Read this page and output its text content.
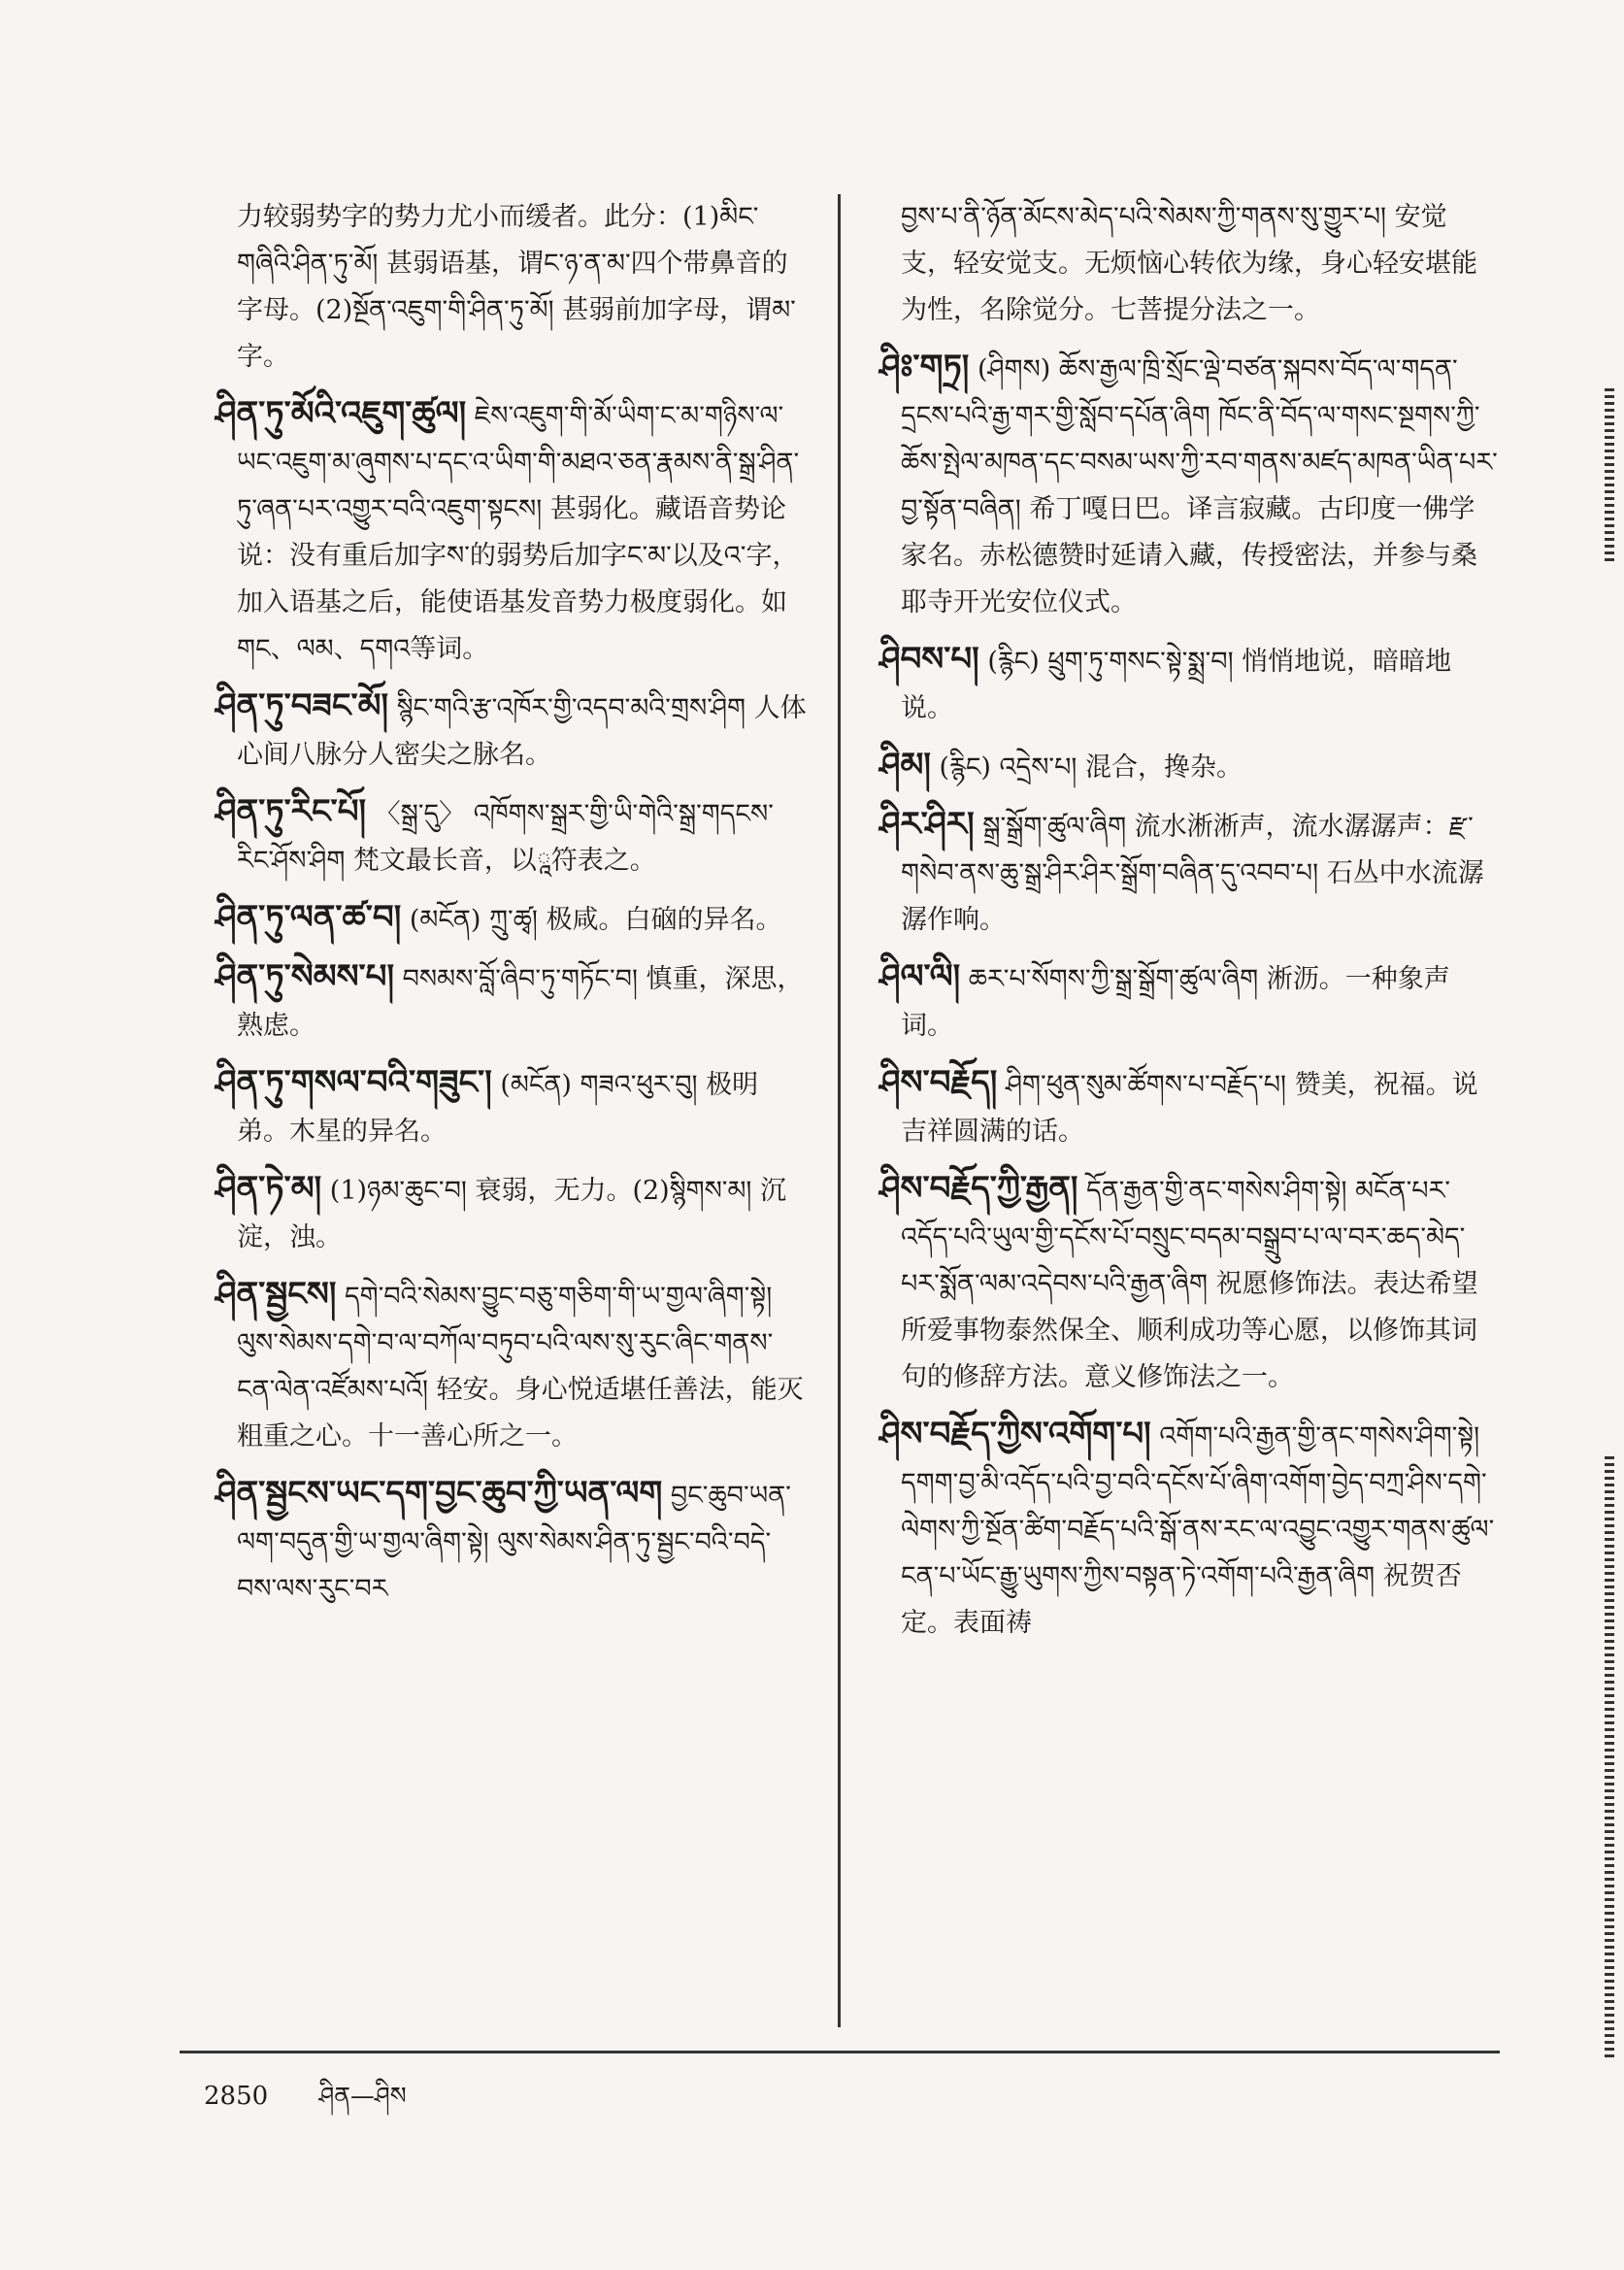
力较弱势字的势力尤小而缓者。此分：(1)མིང་གཞིའི་ཤིན་ཏུ་མོ། 甚弱语基，谓ང་ཉ་ན་མ་四个带鼻音的字母。(2)སྔོན་འཇུག་གི་ཤིན་ཏུ་མོ། 甚弱前加字母，谓མ་字。
ཤིན་ཏུ་མོའི་འཇུག་ཚུལ། ཇེས་འཇུག་གི་མོ་ཡིག་ང་མ་གཉིས་ལ་ཡང་འཇུག་མ་ཞུགས་པ་དང་འ་ཡིག་གི་མཐའ་ཅན་རྣམས་ནི་སྒྲ་ཤིན་ཏུ་ཞན་པར་འགྱུར་བའི་འཇུག་སྟངས། 甚弱化。藏语音势论说：没有重后加字ས་的弱势后加字ང་མ་以及འ་字，加入语基之后，能使语基发音势力极度弱化。如གང、ལམ、དགའ等词。
ཤིན་ཏུ་བཟང་མོ། སྙིང་གའི་རྩ་འཁོར་གྱི་འདབ་མའི་གྲས་ཤིག 人体心间八脉分人密尖之脉名。
ཤིན་ཏུ་རིང་པོ། 〈སྒྲ་དུ〉 འཁོགས་སྒྲར་གྱི་ཡི་གེའི་སྒྲ་གདངས་རིང་ཤོས་ཤིག 梵文最长音，以ཱ符表之。
ཤིན་ཏུ་ལན་ཚ་བ། (མངོན) ཀྲུ་ཚྭ། 极咸。白硇的异名。
ཤིན་ཏུ་སེམས་པ། བསམས་བློ་ཞིབ་ཏུ་གཏོང་བ། 慎重，深思，熟虑。
ཤིན་ཏུ་གསལ་བའི་གཟུང་། (མངོན) གཟའ་ཕུར་བུ། 极明弟。木星的异名。
ཤིན་ཏེ་མ། (1)ཉམ་ཆུང་བ། 衰弱，无力。(2)སྙིགས་མ། 沉淀，浊。
ཤིན་སྦྱངས། དགེ་བའི་སེམས་བྱུང་བཅུ་གཅིག་གི་ཡ་གྱལ་ཞིག་སྟེ། ལུས་སེམས་དགེ་བ་ལ་བཀོལ་བཏུབ་པའི་ལས་སུ་རུང་ཞིང་གནས་ངན་ལེན་འཛོམས་པའོ། 轻安。身心悦适堪任善法，能灭粗重之心。十一善心所之一。
ཤིན་སྦྱངས་ཡང་དག་བྱང་ཆུབ་ཀྱི་ཡན་ལག བྱང་ཆུབ་ཡན་ལག་བདུན་གྱི་ཡ་གྱལ་ཞིག་སྟེ། ལུས་སེམས་ཤིན་ཏུ་སྦྱང་བའི་བདེ་བས་ལས་རུང་བར
བྱས་པ་ནི་ཉོན་མོངས་མེད་པའི་སེམས་ཀྱི་གནས་སུ་གྱུར་པ། 安觉支，轻安觉支。无烦恼心转依为缘，身心轻安堪能为性，名除觉分。七菩提分法之一。
ཤིཿ་གཏྲ། (ཤིགས) ཆོས་རྒྱལ་ཁྲི་སྲོང་ལྡེ་བཙན་སྐབས་བོད་ལ་གདན་དྲངས་པའི་རྒྱ་གར་གྱི་སློབ་དཔོན་ཞིག ཁོང་ནི་བོད་ལ་གསང་སྔགས་ཀྱི་ཆོས་སྤེལ་མཁན་དང་བསམ་ཡས་ཀྱི་རབ་གནས་མཛད་མཁན་ཡིན་པར་བྱ་སྟོན་བཞིན། 希丁嘎日巴。译言寂藏。古印度一佛学家名。赤松德赞时延请入藏，传授密法，并参与桑耶寺开光安位仪式。
ཤིབས་པ། (རྙིང) ཕྲུག་ཏུ་གསང་སྟེ་སྨྲ་བ། 悄悄地说，暗暗地说。
ཤིམ། (རྙིང) འདྲེས་པ། 混合，搀杂。
ཤིར་ཤིར། སྒྲ་སྒྲོག་ཚུལ་ཞིག 流水淅淅声，流水潺潺声：རྫ་གསེབ་ནས་ཆུ་སྒྲ་ཤིར་ཤིར་སྒྲོག་བཞིན་དུ་འབབ་པ། 石丛中水流潺潺作响。
ཤིལ་ལི། ཆར་པ་སོགས་ཀྱི་སྒྲ་སྒྲོག་ཚུལ་ཞིག 淅沥。一种象声词。
ཤིས་བརྗོད། ཤིག་ཕུན་སུམ་ཚོགས་པ་བརྗོད་པ། 赞美，祝福。说吉祥圆满的话。
ཤིས་བརྗོད་ཀྱི་རྒྱན། དོན་རྒྱན་གྱི་ནང་གསེས་ཤིག་སྟེ། མངོན་པར་འདོད་པའི་ཡུལ་གྱི་དངོས་པོ་བསྲུང་བདམ་བསྒྲུབ་པ་ལ་བར་ཆད་མེད་པར་སྨོན་ལམ་འདེབས་པའི་རྒྱན་ཞིག 祝愿修饰法。表达希望所爱事物泰然保全、顺利成功等心愿，以修饰其词句的修辞方法。意义修饰法之一。
ཤིས་བརྗོད་ཀྱིས་འགོག་པ། འགོག་པའི་རྒྱན་གྱི་ནང་གསེས་ཤིག་སྟེ། དགག་བྱ་མི་འདོད་པའི་བྱ་བའི་དངོས་པོ་ཞིག་འགོག་བྱེད་བཀྲ་ཤིས་དགེ་ལེགས་ཀྱི་སྔོན་ཚིག་བརྗོད་པའི་སྒོ་ནས་རང་ལ་འབྱུང་འགྱུར་གནས་ཚུལ་ངན་པ་ཡོང་རྒྱུ་ཡུགས་ཀྱིས་བསྟན་ཏེ་འགོག་པའི་རྒྱན་ཞིག 祝贺否定。表面祷
2850 ཤིན—ཤིས
